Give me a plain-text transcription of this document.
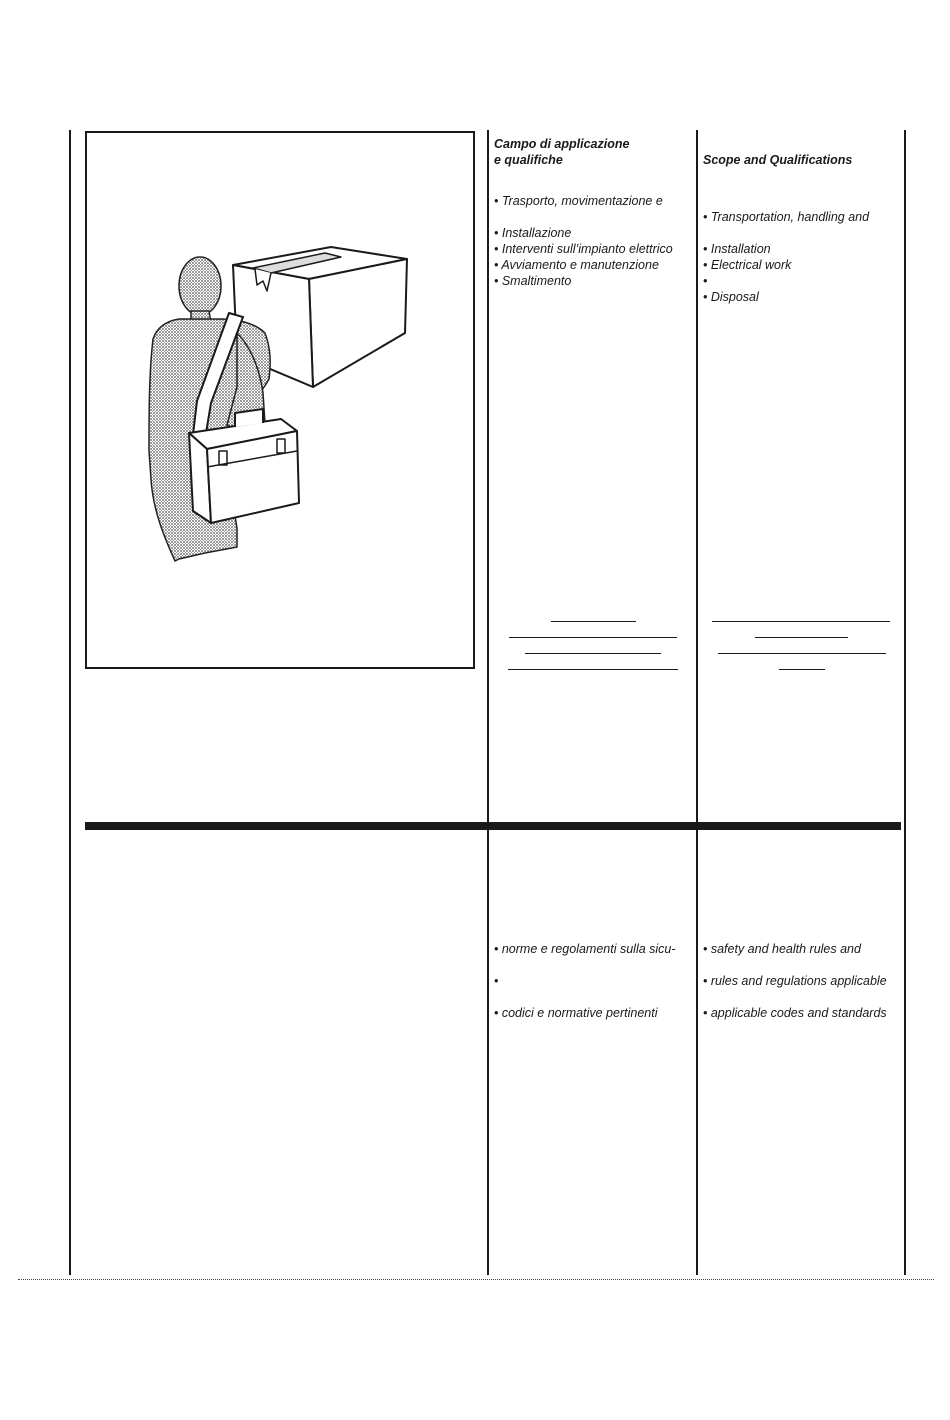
Campo di applicazione
e qualifiche
• Trasporto, movimentazione e
• Installazione
• Interventi sull’impianto elettrico
• Avviamento e manutenzione
• Smaltimento
• norme e regolamenti sulla sicu-
•
• codici e normative pertinenti
Scope and Qualifications
• Transportation, handling and
• Installation
• Electrical work
•
• Disposal
• safety and health rules and
• rules and regulations applicable
• applicable codes and standards
